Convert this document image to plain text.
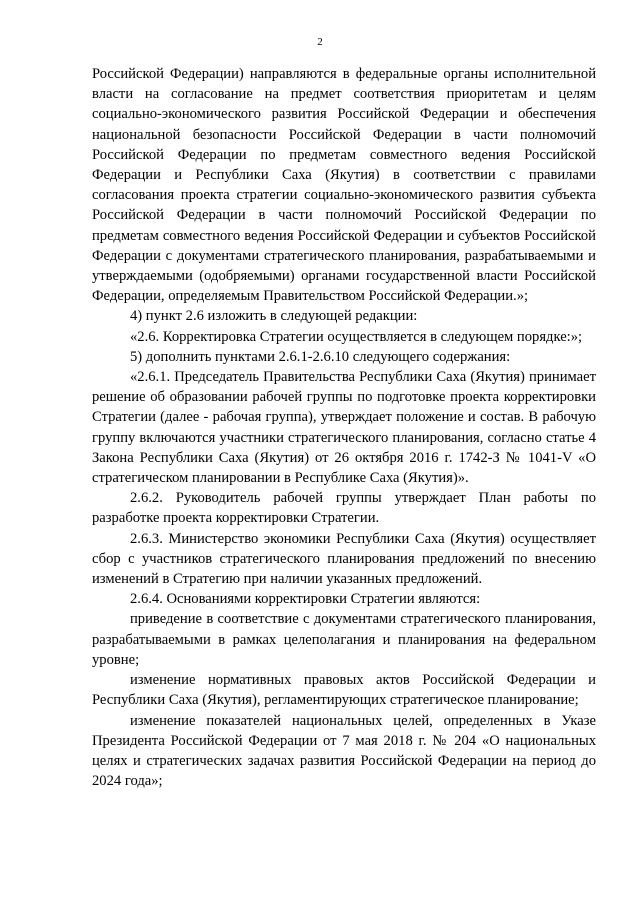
2

Российской Федерации) направляются в федеральные органы исполнительной власти на согласование на предмет соответствия приоритетам и целям социально-экономического развития Российской Федерации и обеспечения национальной безопасности Российской Федерации в части полномочий Российской Федерации по предметам совместного ведения Российской Федерации и Республики Саха (Якутия) в соответствии с правилами согласования проекта стратегии социально-экономического развития субъекта Российской Федерации в части полномочий Российской Федерации по предметам совместного ведения Российской Федерации и субъектов Российской Федерации с документами стратегического планирования, разрабатываемыми и утверждаемыми (одобряемыми) органами государственной власти Российской Федерации, определяемым Правительством Российской Федерации.»;

4) пункт 2.6 изложить в следующей редакции:

«2.6. Корректировка Стратегии осуществляется в следующем порядке:»;

5) дополнить пунктами 2.6.1-2.6.10 следующего содержания:

«2.6.1. Председатель Правительства Республики Саха (Якутия) принимает решение об образовании рабочей группы по подготовке проекта корректировки Стратегии (далее - рабочая группа), утверждает положение и состав. В рабочую группу включаются участники стратегического планирования, согласно статье 4 Закона Республики Саха (Якутия) от 26 октября 2016 г. 1742-З № 1041-V «О стратегическом планировании в Республике Саха (Якутия)».

2.6.2. Руководитель рабочей группы утверждает План работы по разработке проекта корректировки Стратегии.

2.6.3. Министерство экономики Республики Саха (Якутия) осуществляет сбор с участников стратегического планирования предложений по внесению изменений в Стратегию при наличии указанных предложений.

2.6.4. Основаниями корректировки Стратегии являются:

приведение в соответствие с документами стратегического планирования, разрабатываемыми в рамках целеполагания и планирования на федеральном уровне;

изменение нормативных правовых актов Российской Федерации и Республики Саха (Якутия), регламентирующих стратегическое планирование;

изменение показателей национальных целей, определенных в Указе Президента Российской Федерации от 7 мая 2018 г. № 204 «О национальных целях и стратегических задачах развития Российской Федерации на период до 2024 года»;
